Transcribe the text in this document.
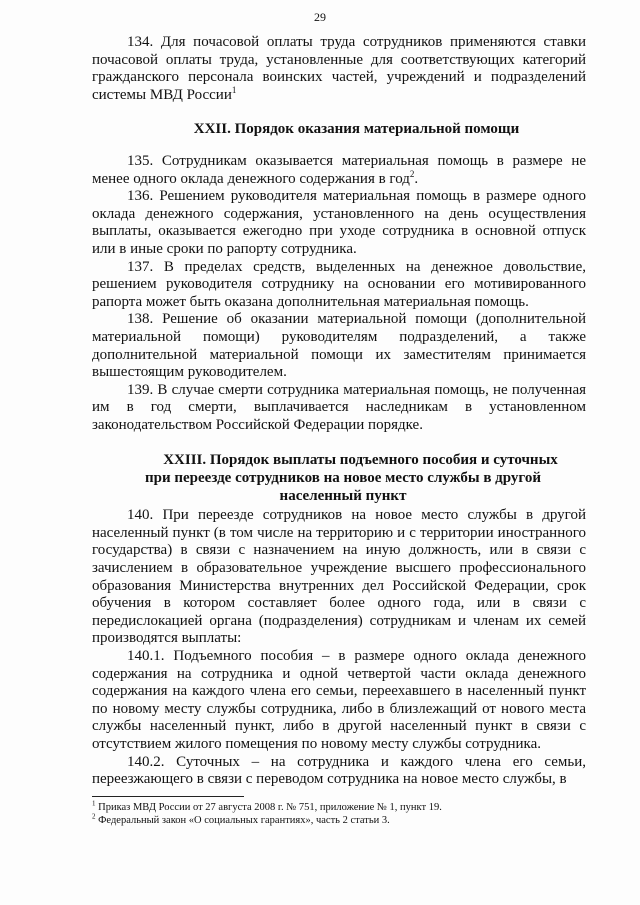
29

134. Для почасовой оплаты труда сотрудников применяются ставки почасовой оплаты труда, установленные для соответствующих категорий гражданского персонала воинских частей, учреждений и подразделений системы МВД России$^1$

XXII. Порядок оказания материальной помощи

135. Сотрудникам оказывается материальная помощь в размере не менее одного оклада денежного содержания в год$^2$.

136. Решением руководителя материальная помощь в размере одного оклада денежного содержания, установленного на день осуществления выплаты, оказывается ежегодно при уходе сотрудника в основной отпуск или в иные сроки по рапорту сотрудника.

137. В пределах средств, выделенных на денежное довольствие, решением руководителя сотруднику на основании его мотивированного рапорта может быть оказана дополнительная материальная помощь.

138. Решение об оказании материальной помощи (дополнительной материальной помощи) руководителям подразделений, а также дополнительной материальной помощи их заместителям принимается вышестоящим руководителем.

139. В случае смерти сотрудника материальная помощь, не полученная им в год смерти, выплачивается наследникам в установленном законодательством Российской Федерации порядке.

XXIII. Порядок выплаты подъемного пособия и суточных при переезде сотрудников на новое место службы в другой населенный пункт

140. При переезде сотрудников на новое место службы в другой населенный пункт (в том числе на территорию и с территории иностранного государства) в связи с назначением на иную должность, или в связи с зачислением в образовательное учреждение высшего профессионального образования Министерства внутренних дел Российской Федерации, срок обучения в котором составляет более одного года, или в связи с передислокацией органа (подразделения) сотрудникам и членам их семей производятся выплаты:

140.1. Подъемного пособия – в размере одного оклада денежного содержания на сотрудника и одной четвертой части оклада денежного содержания на каждого члена его семьи, переехавшего в населенный пункт по новому месту службы сотрудника, либо в близлежащий от нового места службы населенный пункт, либо в другой населенный пункт в связи с отсутствием жилого помещения по новому месту службы сотрудника.

140.2. Суточных – на сотрудника и каждого члена его семьи, переезжающего в связи с переводом сотрудника на новое место службы, в

$^1$ Приказ МВД России от 27 августа 2008 г. № 751, приложение № 1, пункт 19.
$^2$ Федеральный закон «О социальных гарантиях», часть 2 статьи 3.
